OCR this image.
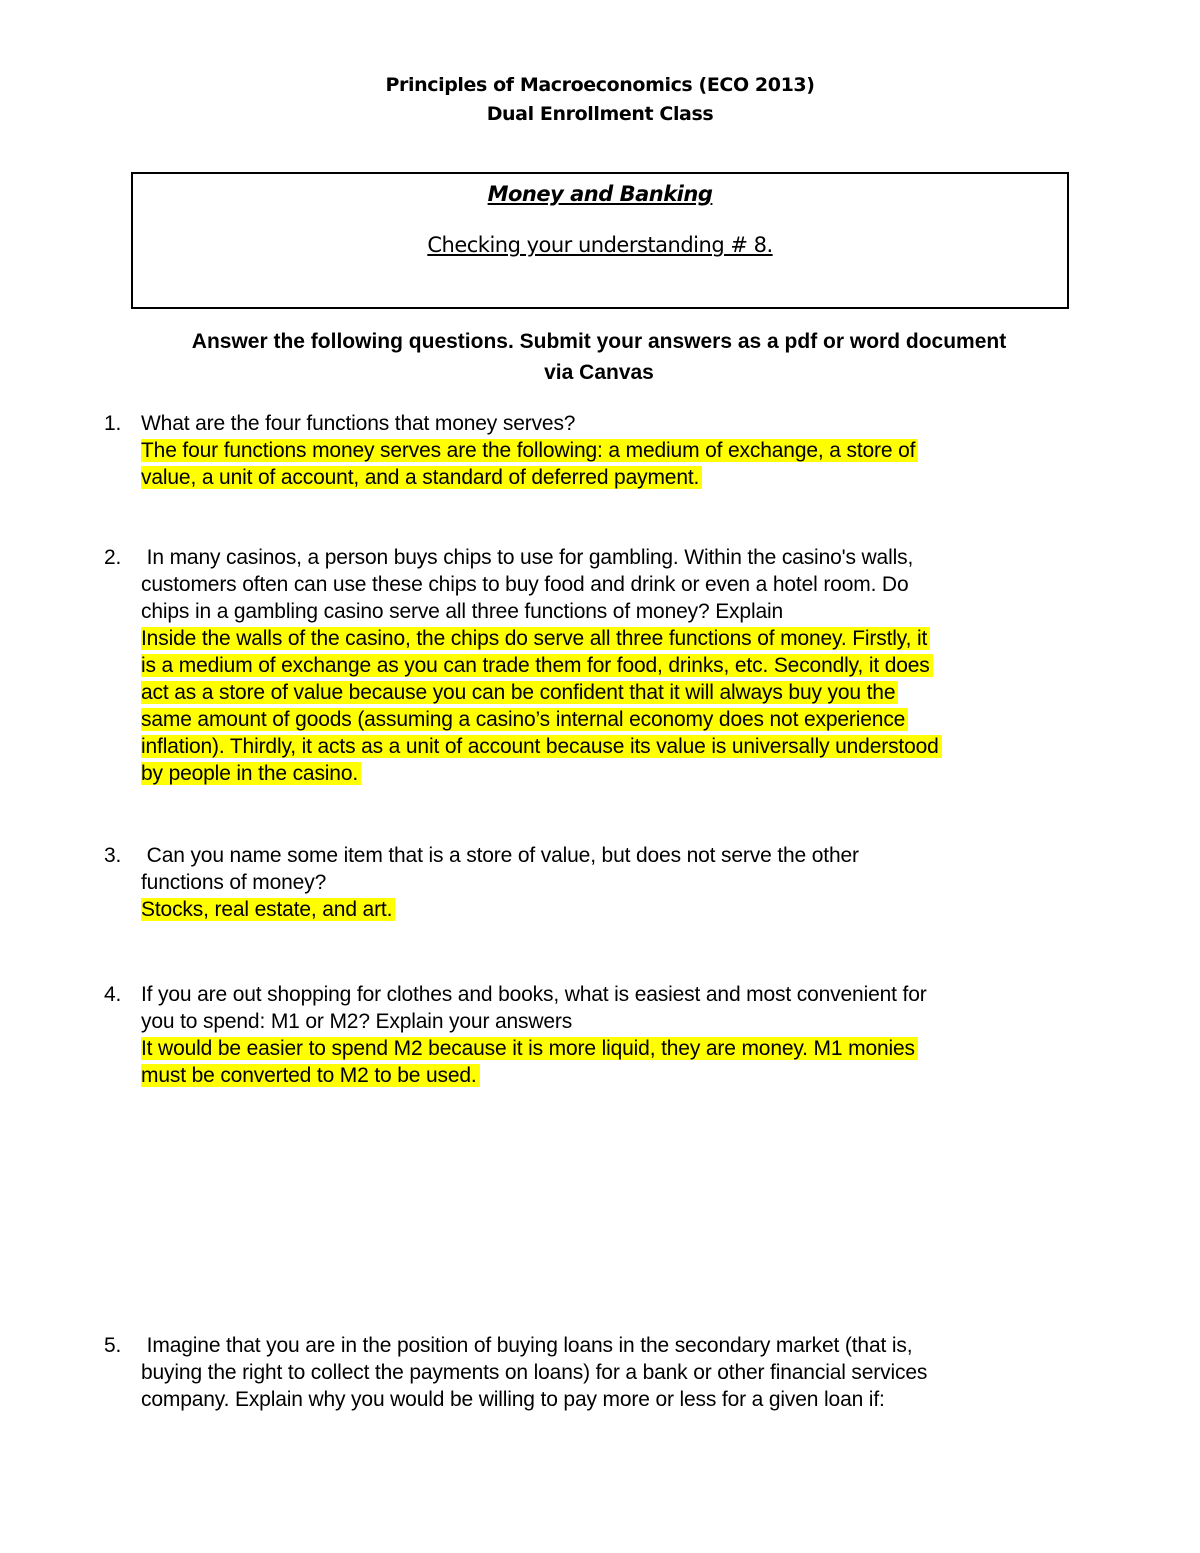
Principles of Macroeconomics (ECO 2013)
Dual Enrollment Class
Money and Banking
Checking your understanding # 8.
Answer the following questions. Submit your answers as a pdf or word document
via Canvas
1. What are the four functions that money serves?
The four functions money serves are the following: a medium of exchange, a store of
value, a unit of account, and a standard of deferred payment.
2. In many casinos, a person buys chips to use for gambling. Within the casino's walls,
customers often can use these chips to buy food and drink or even a hotel room. Do
chips in a gambling casino serve all three functions of money? Explain
Inside the walls of the casino, the chips do serve all three functions of money. Firstly, it
is a medium of exchange as you can trade them for food, drinks, etc. Secondly, it does
act as a store of value because you can be confident that it will always buy you the
same amount of goods (assuming a casino’s internal economy does not experience
inflation). Thirdly, it acts as a unit of account because its value is universally understood
by people in the casino.
3. Can you name some item that is a store of value, but does not serve the other
functions of money?
Stocks, real estate, and art.
4. If you are out shopping for clothes and books, what is easiest and most convenient for
you to spend: M1 or M2? Explain your answers
It would be easier to spend M2 because it is more liquid, they are money. M1 monies
must be converted to M2 to be used.
5. Imagine that you are in the position of buying loans in the secondary market (that is,
buying the right to collect the payments on loans) for a bank or other financial services
company. Explain why you would be willing to pay more or less for a given loan if:
